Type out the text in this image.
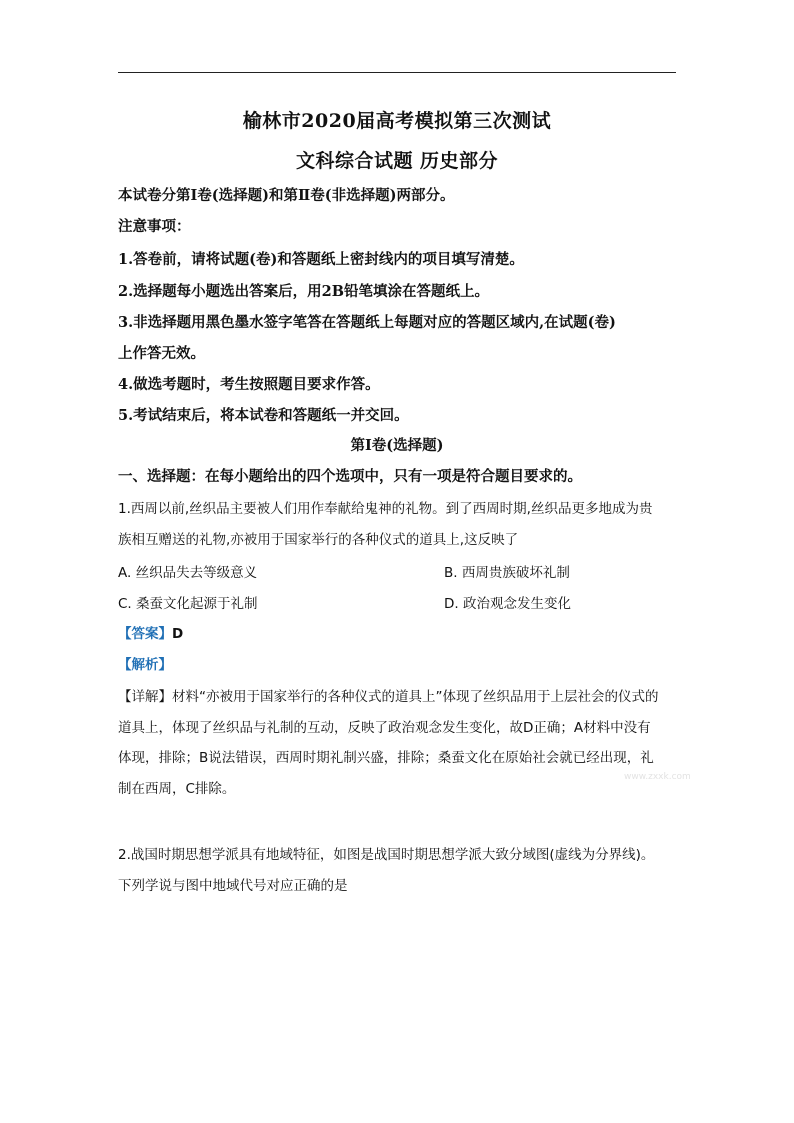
榆林市2020届高考模拟第三次测试
文科综合试题 历史部分
本试卷分第Ⅰ卷(选择题)和第Ⅱ卷(非选择题)两部分。
注意事项：
1.答卷前，请将试题(卷)和答题纸上密封线内的项目填写清楚。
2.选择题每小题选出答案后，用2B铅笔填涂在答题纸上。
3.非选择题用黑色墨水签字笔答在答题纸上每题对应的答题区域内,在试题(卷)
上作答无效。
4.做选考题时，考生按照题目要求作答。
5.考试结束后，将本试卷和答题纸一并交回。
第Ⅰ卷(选择题)
一、选择题：在每小题给出的四个选项中，只有一项是符合题目要求的。
1.西周以前,丝织品主要被人们用作奉献给鬼神的礼物。到了西周时期,丝织品更多地成为贵
族相互赠送的礼物,亦被用于国家举行的各种仪式的道具上,这反映了
A. 丝织品失去等级意义	B. 西周贵族破坏礼制
C. 桑蚕文化起源于礼制	D. 政治观念发生变化
【答案】D
【解析】
【详解】材料“亦被用于国家举行的各种仪式的道具上”体现了丝织品用于上层社会的仪式的
道具上，体现了丝织品与礼制的互动，反映了政治观念发生变化，故D正确；A材料中没有
体现，排除；B说法错误，西周时期礼制兴盛，排除；桑蚕文化在原始社会就已经出现，礼
制在西周，C排除。
2.战国时期思想学派具有地域特征，如图是战国时期思想学派大致分域图(虚线为分界线)。
下列学说与图中地域代号对应正确的是
www.zxxk.com
